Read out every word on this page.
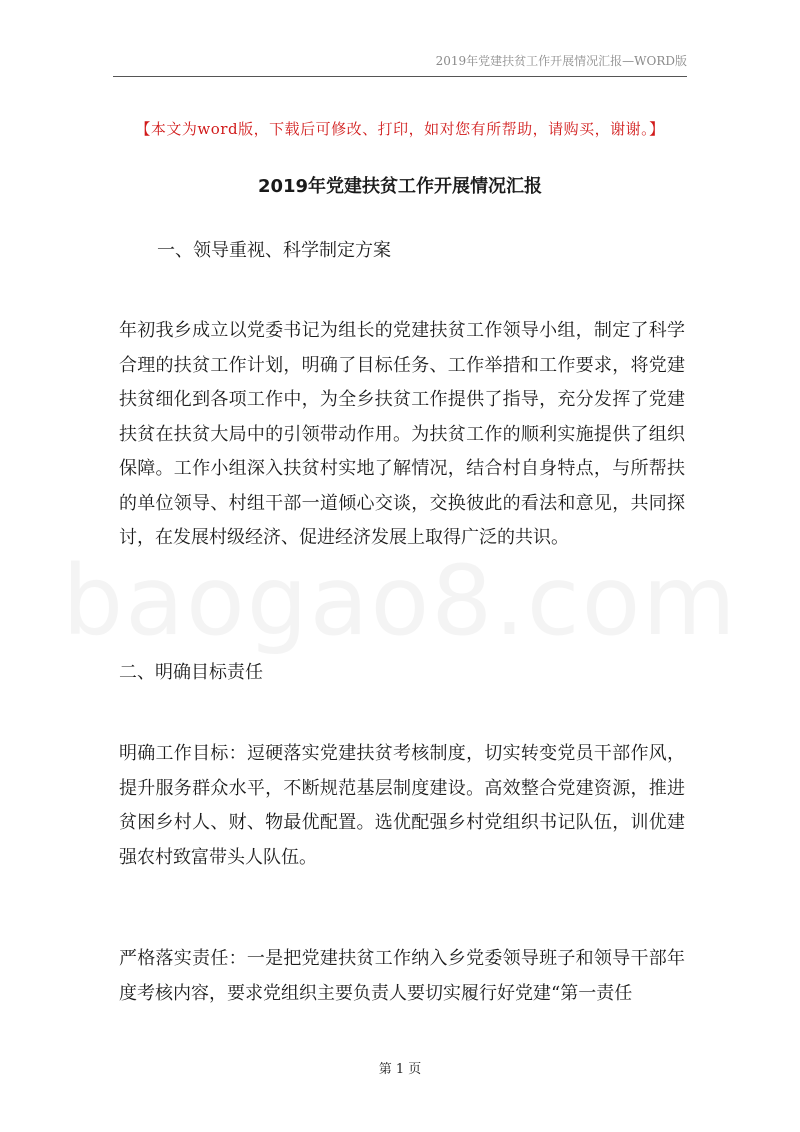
2019年党建扶贫工作开展情况汇报—WORD版
【本文为word版，下载后可修改、打印，如对您有所帮助，请购买，谢谢。】
2019年党建扶贫工作开展情况汇报
一、领导重视、科学制定方案
年初我乡成立以党委书记为组长的党建扶贫工作领导小组，制定了科学合理的扶贫工作计划，明确了目标任务、工作举措和工作要求，将党建扶贫细化到各项工作中，为全乡扶贫工作提供了指导，充分发挥了党建扶贫在扶贫大局中的引领带动作用。为扶贫工作的顺利实施提供了组织保障。工作小组深入扶贫村实地了解情况，结合村自身特点，与所帮扶的单位领导、村组干部一道倾心交谈，交换彼此的看法和意见，共同探讨，在发展村级经济、促进经济发展上取得广泛的共识。
二、明确目标责任
明确工作目标：逗硬落实党建扶贫考核制度，切实转变党员干部作风，提升服务群众水平，不断规范基层制度建设。高效整合党建资源，推进贫困乡村人、财、物最优配置。选优配强乡村党组织书记队伍，训优建强农村致富带头人队伍。
严格落实责任：一是把党建扶贫工作纳入乡党委领导班子和领导干部年度考核内容，要求党组织主要负责人要切实履行好党建“第一责任
第 1 页
